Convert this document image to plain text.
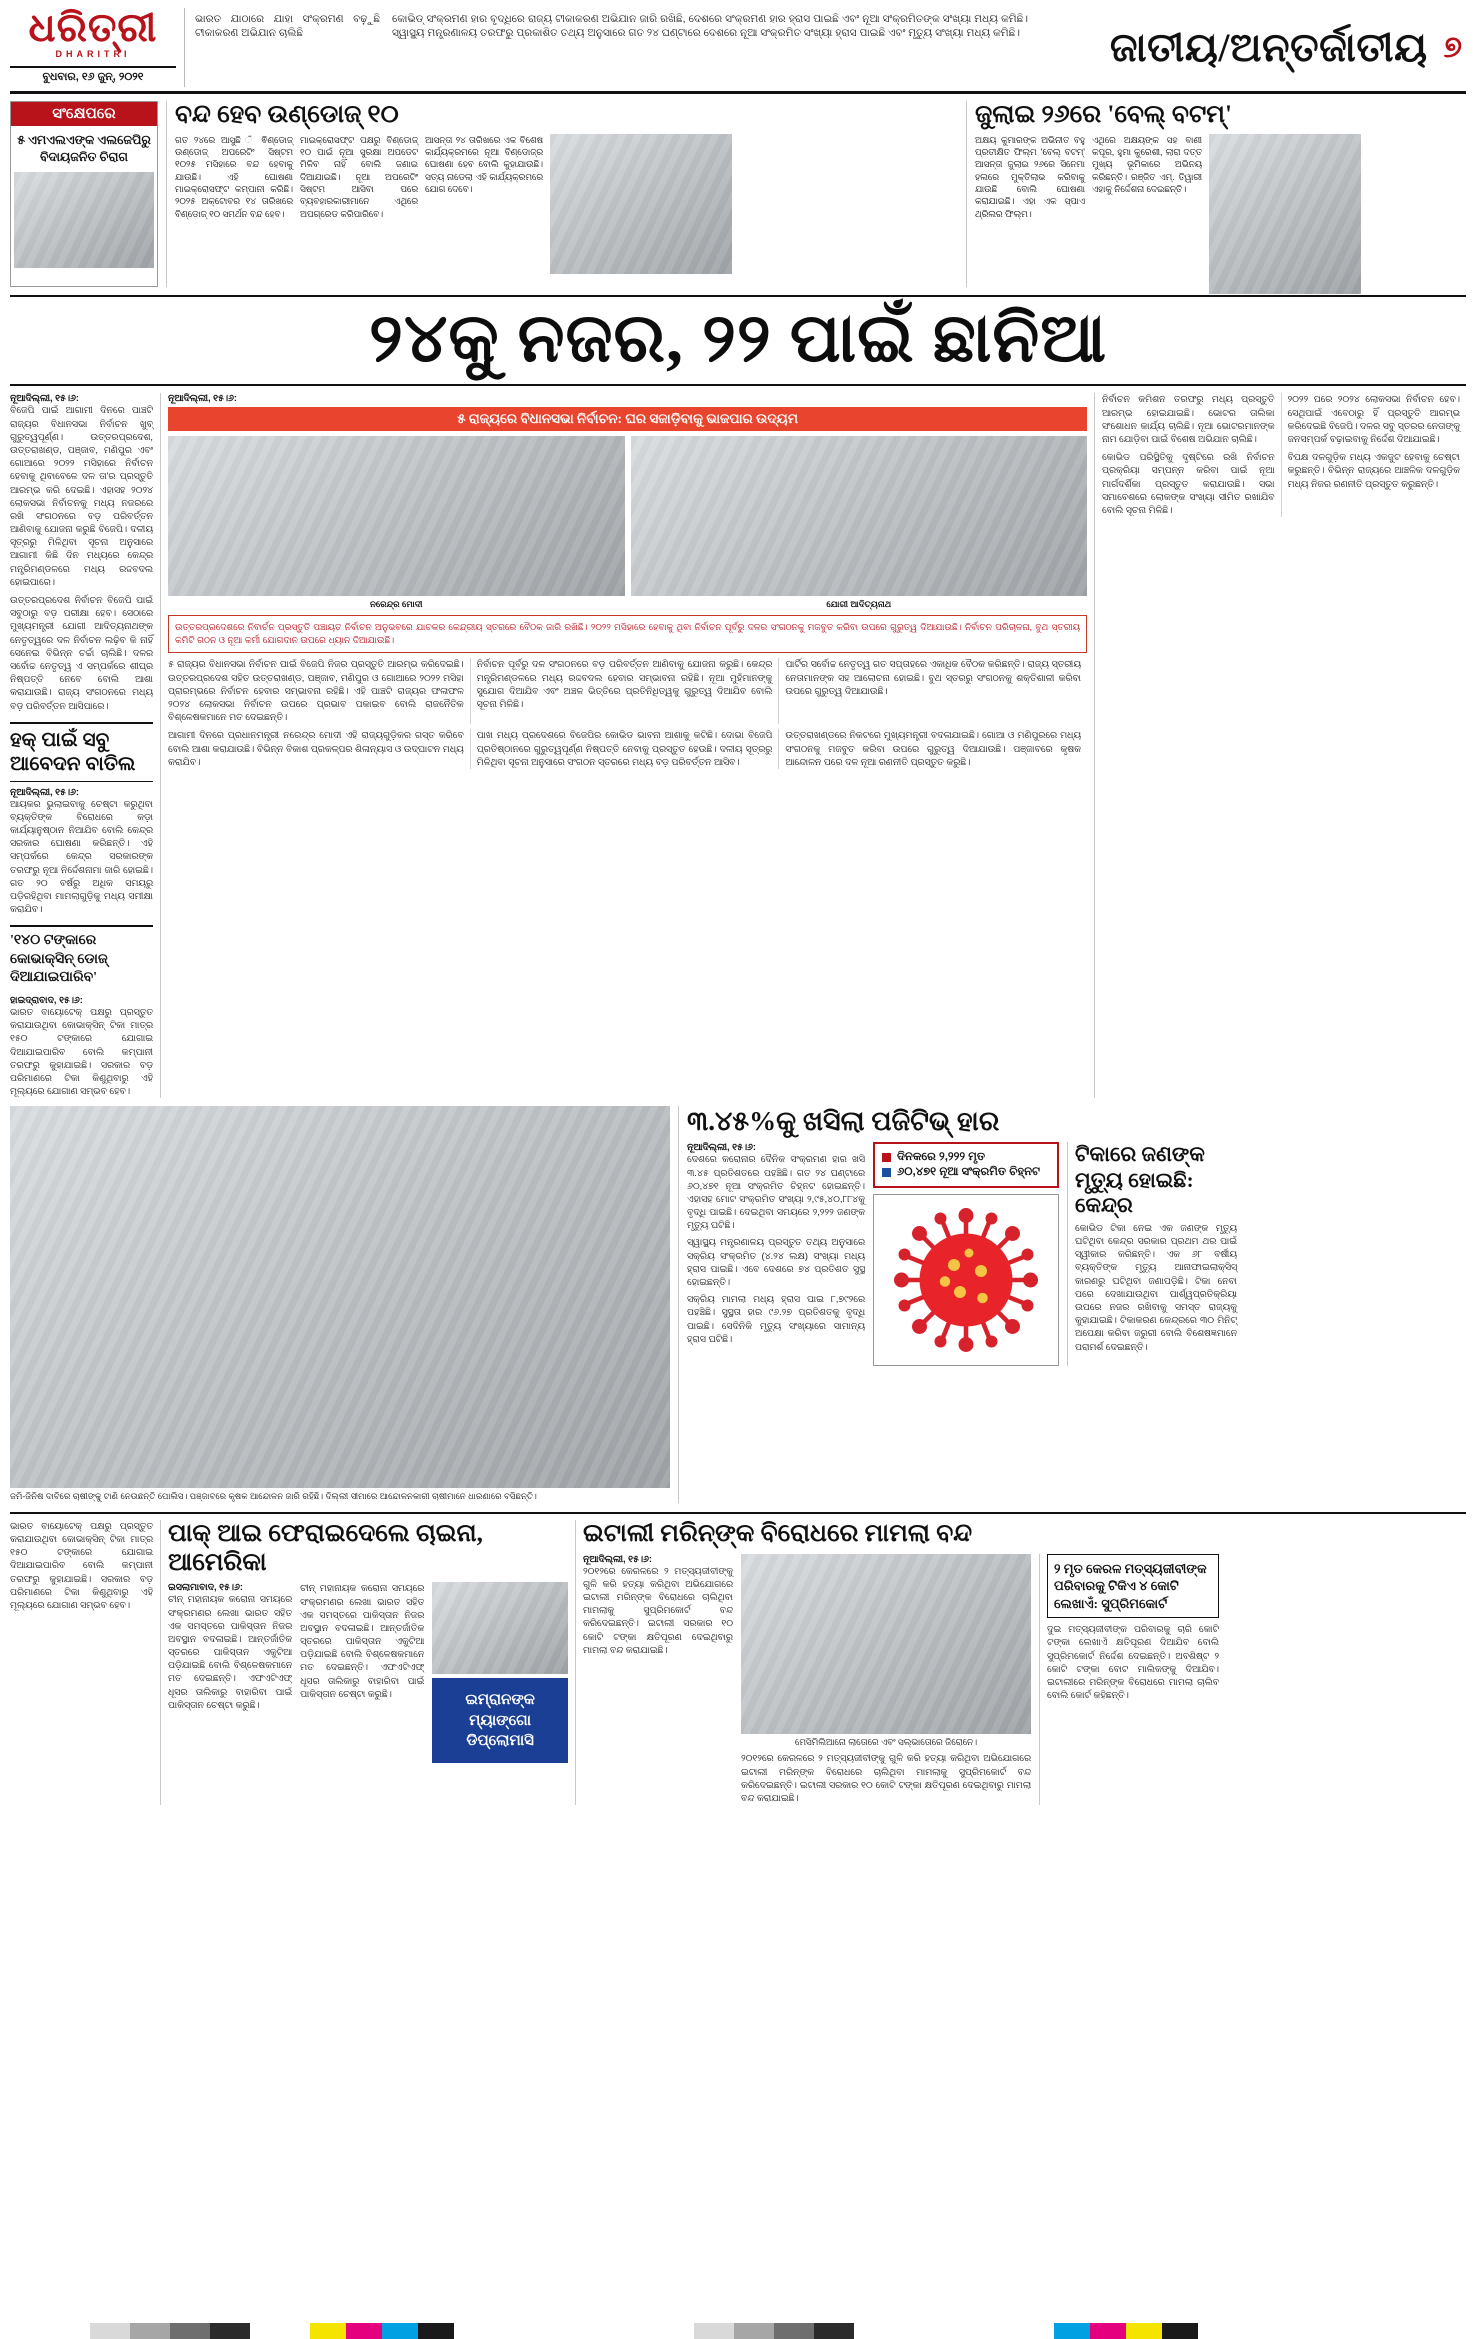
ଧରିତ୍ରୀ
DHARITRI
ବୁଧବାର, ୧୬ ଜୁନ୍‌, ୨୦୨୧
ଭାରତ ଯାଠାରେ ଯାହା ସଂକ୍ରମଣ ବଢ଼ୁଛି ଟୀକାକରଣ ଅଭିଯାନ ଚାଲିଛି
କୋଭିଡ୍‌ ସଂକ୍ରମଣ ହାର ବୃଦ୍ଧିରେ ରାଜ୍ୟ ଟୀକାକରଣ ଅଭିଯାନ ଜାରି ରଖିଛି, ଦେଶରେ ସଂକ୍ରମଣ ହାର ହ୍ରାସ ପାଇଛି ଏବଂ ନୂଆ ସଂକ୍ରମିତଙ୍କ ସଂଖ୍ୟା ମଧ୍ୟ କମିଛି। ସ୍ୱାସ୍ଥ୍ୟ ମନ୍ତ୍ରଣାଳୟ ତରଫରୁ ପ୍ରକାଶିତ ତଥ୍ୟ ଅନୁସାରେ ଗତ ୨୪ ଘଣ୍ଟାରେ ଦେଶରେ ନୂଆ ସଂକ୍ରମିତ ସଂଖ୍ୟା ହ୍ରାସ ପାଇଛି ଏବଂ ମୃତ୍ୟୁ ସଂଖ୍ୟା ମଧ୍ୟ କମିଛି। ଜାତୀୟ/ଅନ୍ତର୍ଜାତୀୟ ୭
ସଂକ୍ଷେପରେ
୫ ଏମଏଲଏଙ୍କ ଏଲଜେପିରୁ ବିଦାୟଜନିତ ଚିରାଗ
ବନ୍ଦ ହେବ ଉଣ୍ଡୋଜ୍‌ ୧୦
ଗତ ୨୪ରେ ଆସୁଛି ଁ ଵିଣ୍ଡୋଜ୍‌ ଉଣ୍ଡୋଜ୍‌ ଅପରେଟିଂ ସିଷ୍ଟମ ୧୦୨୫ ମସିହାରେ ବନ୍ଦ ହେବାକୁ ଯାଉଛି। ଏହି ଘୋଷଣା ମାଇକ୍ରୋସଫ୍ଟ କମ୍ପାନୀ କରିଛି। ୨୦୨୫ ଅକ୍ଟୋବର ୧୪ ତାରିଖରେ ବିଣ୍ଡୋଜ୍‌ ୧୦ ସମର୍ଥନ ବନ୍ଦ ହେବ।
ମାଇକ୍ରୋସଫ୍ଟ ପକ୍ଷରୁ ବିଣ୍ଡୋଜ୍‌ ୧୦ ପାଇଁ ନୂଆ ସୁରକ୍ଷା ଅପଡେଟ ମିଳିବ ନାହିଁ ବୋଲି ଜଣାଇ ଦିଆଯାଇଛି। ନୂଆ ଅପରେଟିଂ ସିଷ୍ଟମ ଆସିବା ପରେ ବ୍ୟବହାରକାରୀମାନେ ଏଥିରେ ଅପଗ୍ରେଡ କରିପାରିବେ।
ଆସନ୍ତା ୨୪ ତାରିଖରେ ଏକ ବିଶେଷ କାର୍ଯ୍ୟକ୍ରମରେ ନୂଆ ବିଣ୍ଡୋଜ୍‌ର ଘୋଷଣା ହେବ ବୋଲି କୁହାଯାଉଛି। ସତ୍ୟ ନାଡେଲା ଏହି କାର୍ଯ୍ୟକ୍ରମରେ ଯୋଗ ଦେବେ।
ଜୁଲାଇ ୨୬ରେ 'ବେଲ୍‌ ବଟମ୍‌'
ଅକ୍ଷୟ କୁମାରଙ୍କ ଅଭିନୀତ ବହୁ ପ୍ରତୀକ୍ଷିତ ଫିଲ୍ମ 'ବେଲ୍‌ ବଟମ୍‌' ଆସନ୍ତା ଜୁଲାଇ ୨୬ରେ ସିନେମା ହଲରେ ମୁକ୍ତିଲାଭ କରିବାକୁ ଯାଉଛି ବୋଲି ଘୋଷଣା କରାଯାଇଛି। ଏହା ଏକ ସ୍ପାଏ ଥ୍ରିଲର ଫିଲ୍ମ।
ଏଥିରେ ଅକ୍ଷୟଙ୍କ ସହ ବାଣୀ କପୂର, ହୁମା କୁରେଶୀ, ଲାରା ଦତ୍ତ ମୁଖ୍ୟ ଭୂମିକାରେ ଅଭିନୟ କରିଛନ୍ତି। ରଞ୍ଜିତ ଏମ୍‌. ତିୱାରୀ ଏହାକୁ ନିର୍ଦ୍ଦେଶନା ଦେଇଛନ୍ତି।
୨୪କୁ ନଜର, ୨୨ ପାଇଁ ଛାନିଆ
ନୂଆଦିଲ୍ଲୀ, ୧୫।୬:
ବିଜେପି ପାଇଁ ଆଗାମୀ ଦିନରେ ପାଞ୍ଚଟି ରାଜ୍ୟର ବିଧାନସଭା ନିର୍ବାଚନ ଖୁବ୍‌ ଗୁରୁତ୍ୱପୂର୍ଣ୍ଣ। ଉତ୍ତରପ୍ରଦେଶ, ଉତ୍ତରାଖଣ୍ଡ, ପଞ୍ଜାବ, ମଣିପୁର ଏବଂ ଗୋଆରେ ୨୦୨୨ ମସିହାରେ ନିର୍ବାଚନ ହେବାକୁ ଥିବାବେଳେ ଦଳ ତା'ର ପ୍ରସ୍ତୁତି ଆରମ୍ଭ କରି ଦେଇଛି। ଏହାସହ ୨୦୨୪ ଲୋକସଭା ନିର୍ବାଚନକୁ ମଧ୍ୟ ନଜରରେ ରଖି ସଂଗଠନରେ ବଡ଼ ପରିବର୍ତ୍ତନ ଆଣିବାକୁ ଯୋଜନା କରୁଛି ବିଜେପି। ଦଳୀୟ ସୂତ୍ରରୁ ମିଳିଥିବା ସୂଚନା ଅନୁସାରେ ଆଗାମୀ କିଛି ଦିନ ମଧ୍ୟରେ କେନ୍ଦ୍ର ମନ୍ତ୍ରିମଣ୍ଡଳରେ ମଧ୍ୟ ରଦ୍ଦବଦଲ ହୋଇପାରେ।
ଉତ୍ତରପ୍ରଦେଶ ନିର୍ବାଚନ ବିଜେପି ପାଇଁ ସବୁଠାରୁ ବଡ଼ ପରୀକ୍ଷା ହେବ। ସେଠାରେ ମୁଖ୍ୟମନ୍ତ୍ରୀ ଯୋଗୀ ଆଦିତ୍ୟନାଥଙ୍କ ନେତୃତ୍ୱରେ ଦଳ ନିର୍ବାଚନ ଲଢ଼ିବ କି ନାହିଁ ସେନେଇ ବିଭିନ୍ନ ଚର୍ଚ୍ଚା ଚାଲିଛି। ଦଳର ସର୍ବୋଚ୍ଚ ନେତୃତ୍ୱ ଏ ସମ୍ପର୍କରେ ଶୀଘ୍ର ନିଷ୍ପତ୍ତି ନେବେ ବୋଲି ଆଶା କରାଯାଉଛି। ରାଜ୍ୟ ସଂଗଠନରେ ମଧ୍ୟ ବଡ଼ ପରିବର୍ତ୍ତନ ଆସିପାରେ।
ହକ୍‌ ପାଇଁ ସବୁ ଆବେଦନ ବାତିଲ
ନୂଆଦିଲ୍ଲୀ, ୧୫।୬:
ଆୟକର ଭୁଲାଇବାକୁ ଚେଷ୍ଟା କରୁଥିବା ବ୍ୟକ୍ତିଙ୍କ ବିରୋଧରେ କଡ଼ା କାର୍ଯ୍ୟାନୁଷ୍ଠାନ ନିଆଯିବ ବୋଲି କେନ୍ଦ୍ର ସରକାର ଘୋଷଣା କରିଛନ୍ତି। ଏହି ସମ୍ପର୍କରେ କେନ୍ଦ୍ର ସରକାରଙ୍କ ତରଫରୁ ନୂଆ ନିର୍ଦ୍ଦେଶନାମା ଜାରି ହୋଇଛି। ଗତ ୨୦ ବର୍ଷରୁ ଅଧିକ ସମୟରୁ ପଡ଼ିରହିଥିବା ମାମଲାଗୁଡ଼ିକୁ ମଧ୍ୟ ସମୀକ୍ଷା କରାଯିବ।
'୧୪୦ ଟଙ୍କାରେ କୋଭାକ୍ସିନ୍‌ ଡୋଜ୍‌ ଦିଆଯାଇପାରିବ'
ହାଇଦ୍ରାବାଦ, ୧୫।୬:
ଭାରତ ବାୟୋଟେକ୍‌ ପକ୍ଷରୁ ପ୍ରସ୍ତୁତ କରାଯାଉଥିବା କୋଭାକ୍ସିନ୍‌ ଟିକା ମାତ୍ର ୧୫୦ ଟଙ୍କାରେ ଯୋଗାଇ ଦିଆଯାଇପାରିବ ବୋଲି କମ୍ପାନୀ ତରଫରୁ କୁହାଯାଇଛି। ସରକାର ବଡ଼ ପରିମାଣରେ ଟିକା କିଣୁଥିବାରୁ ଏହି ମୂଲ୍ୟରେ ଯୋଗାଣ ସମ୍ଭବ ହେବ।
ନୂଆଦିଲ୍ଲୀ, ୧୫।୬:
୫ ରାଜ୍ୟରେ ବିଧାନସଭା ନିର୍ବାଚନ: ଘର ସଜାଡ଼ିବାକୁ ଭାଜପାର ଉଦ୍ୟମ
ନରେନ୍ଦ୍ର ମୋଦୀ	ଯୋଗୀ ଆଦିତ୍ୟନାଥ
ଉତ୍ତରପ୍ରଦେଶରେ ନିବାର୍ଚନ ପ୍ରସ୍ତୁତି ପଞ୍ଚାୟତ ନିର୍ବାଚନ ଅନୁଭବରେ ଯାଚକର କେନ୍ଦ୍ରୀୟ ସ୍ତରରେ ବୈଠକ ଜାରି ରଖିଛି। ୨୦୨୨ ମସିହାରେ ହେବାକୁ ଥିବା ନିର୍ବାଚନ ପୂର୍ବରୁ ଦଳର ସଂଗଠନକୁ ମଜବୁତ କରିବା ଉପରେ ଗୁରୁତ୍ୱ ଦିଆଯାଉଛି। ନିର୍ବାଚନ ପରିଚାଳନା, ବୁଥ ସ୍ତରୀୟ କମିଟି ଗଠନ ଓ ନୂଆ କର୍ମୀ ଯୋଗଦାନ ଉପରେ ଧ୍ୟାନ ଦିଆଯାଉଛି।
୫ ରାଜ୍ୟର ବିଧାନସଭା ନିର୍ବାଚନ ପାଇଁ ବିଜେପି ନିଜର ପ୍ରସ୍ତୁତି ଆରମ୍ଭ କରିଦେଇଛି। ଉତ୍ତରପ୍ରଦେଶ ସହିତ ଉତ୍ତରାଖଣ୍ଡ, ପଞ୍ଜାବ, ମଣିପୁର ଓ ଗୋଆରେ ୨୦୨୨ ମସିହା ପ୍ରାରମ୍ଭରେ ନିର୍ବାଚନ ହେବାର ସମ୍ଭାବନା ରହିଛି। ଏହି ପାଞ୍ଚଟି ରାଜ୍ୟର ଫଳାଫଳ ୨୦୨୪ ଲୋକସଭା ନିର୍ବାଚନ ଉପରେ ପ୍ରଭାବ ପକାଇବ ବୋଲି ରାଜନୈତିକ ବିଶ୍ଳେଷକମାନେ ମତ ଦେଇଛନ୍ତି।
ନିର୍ବାଚନ ପୂର୍ବରୁ ଦଳ ସଂଗଠନରେ ବଡ଼ ପରିବର୍ତ୍ତନ ଆଣିବାକୁ ଯୋଜନା କରୁଛି। କେନ୍ଦ୍ର ମନ୍ତ୍ରିମଣ୍ଡଳରେ ମଧ୍ୟ ରଦ୍ଦବଦଲ ହେବାର ସମ୍ଭାବନା ରହିଛି। ନୂଆ ମୁହଁମାନଙ୍କୁ ସୁଯୋଗ ଦିଆଯିବ ଏବଂ ଅଞ୍ଚଳ ଭିତ୍ତିରେ ପ୍ରତିନିଧିତ୍ୱକୁ ଗୁରୁତ୍ୱ ଦିଆଯିବ ବୋଲି ସୂଚନା ମିଳିଛି।
ପାର୍ଟିର ସର୍ବୋଚ୍ଚ ନେତୃତ୍ୱ ଗତ ସପ୍ତାହରେ ଏକାଧିକ ବୈଠକ କରିଛନ୍ତି। ରାଜ୍ୟ ସ୍ତରୀୟ ନେତାମାନଙ୍କ ସହ ଆଲୋଚନା ହୋଇଛି। ବୁଥ ସ୍ତରରୁ ସଂଗଠନକୁ ଶକ୍ତିଶାଳୀ କରିବା ଉପରେ ଗୁରୁତ୍ୱ ଦିଆଯାଉଛି।
ଆଗାମୀ ଦିନରେ ପ୍ରଧାନମନ୍ତ୍ରୀ ନରେନ୍ଦ୍ର ମୋଦୀ ଏହି ରାଜ୍ୟଗୁଡ଼ିକର ଗସ୍ତ କରିବେ ବୋଲି ଆଶା କରାଯାଉଛି। ବିଭିନ୍ନ ବିକାଶ ପ୍ରକଳ୍ପର ଶିଳାନ୍ୟାସ ଓ ଉଦ୍‌ଘାଟନ ମଧ୍ୟ କରାଯିବ।
ପାଖ ମଧ୍ୟ ପ୍ରଦେଶରେ ବିଜେପିର କୋଭିଡ ଭାବନା ଆଶାକୁ କଟିଛି। ଦୋଭା ବିଜେପି ପ୍ରତିଷ୍ଠାନରେ ଗୁରୁତ୍ୱପୂର୍ଣ୍ଣ ନିଷ୍ପତ୍ତି ନେବାକୁ ପ୍ରସ୍ତୁତ ହେଉଛି। ଦଳୀୟ ସୂତ୍ରରୁ ମିଳିଥିବା ସୂଚନା ଅନୁସାରେ ସଂଗଠନ ସ୍ତରରେ ମଧ୍ୟ ବଡ଼ ପରିବର୍ତ୍ତନ ଆସିବ।
ଉତ୍ତରାଖଣ୍ଡରେ ନିକଟରେ ମୁଖ୍ୟମନ୍ତ୍ରୀ ବଦଳାଯାଇଛି। ଗୋଆ ଓ ମଣିପୁରରେ ମଧ୍ୟ ସଂଗଠନକୁ ମଜବୁତ କରିବା ଉପରେ ଗୁରୁତ୍ୱ ଦିଆଯାଉଛି। ପଞ୍ଜାବରେ କୃଷକ ଆନ୍ଦୋଳନ ପରେ ଦଳ ନୂଆ ରଣନୀତି ପ୍ରସ୍ତୁତ କରୁଛି।
ନିର୍ବାଚନ କମିଶନ ତରଫରୁ ମଧ୍ୟ ପ୍ରସ୍ତୁତି ଆରମ୍ଭ ହୋଇଯାଇଛି। ଭୋଟର ତାଲିକା ସଂଶୋଧନ କାର୍ଯ୍ୟ ଚାଲିଛି। ନୂଆ ଭୋଟରମାନଙ୍କ ନାମ ଯୋଡ଼ିବା ପାଇଁ ବିଶେଷ ଅଭିଯାନ ଚାଲିଛି।
କୋଭିଡ ପରିସ୍ଥିତିକୁ ଦୃଷ୍ଟିରେ ରଖି ନିର୍ବାଚନ ପ୍ରକ୍ରିୟା ସମ୍ପନ୍ନ କରିବା ପାଇଁ ନୂଆ ମାର୍ଗଦର୍ଶିକା ପ୍ରସ୍ତୁତ କରାଯାଉଛି। ସଭା ସମାବେଶରେ ଲୋକଙ୍କ ସଂଖ୍ୟା ସୀମିତ ରଖାଯିବ ବୋଲି ସୂଚନା ମିଳିଛି।
୨୦୨୨ ପରେ ୨୦୨୪ ଲୋକସଭା ନିର୍ବାଚନ ହେବ। ସେଥିପାଇଁ ଏବେଠାରୁ ହିଁ ପ୍ରସ୍ତୁତି ଆରମ୍ଭ କରିଦେଇଛି ବିଜେପି। ଦଳର ସବୁ ସ୍ତରର ନେତାଙ୍କୁ ଜନସମ୍ପର୍କ ବଢ଼ାଇବାକୁ ନିର୍ଦ୍ଦେଶ ଦିଆଯାଇଛି।
ବିପକ୍ଷ ଦଳଗୁଡ଼ିକ ମଧ୍ୟ ଏକଜୁଟ ହେବାକୁ ଚେଷ୍ଟା କରୁଛନ୍ତି। ବିଭିନ୍ନ ରାଜ୍ୟରେ ଆଞ୍ଚଳିକ ଦଳଗୁଡ଼ିକ ମଧ୍ୟ ନିଜର ରଣନୀତି ପ୍ରସ୍ତୁତ କରୁଛନ୍ତି।
ଜମି-ଜିନିଷ ଦାବିରେ ଚାଷୀଙ୍କୁ ଟାଣି ନେଉଛନ୍ତି ପୋଲିସ। ପଞ୍ଜାବରେ କୃଷକ ଆନ୍ଦୋଳନ ଜାରି ରହିଛି। ଦିଲ୍ଲୀ ସୀମାରେ ଆନ୍ଦୋଳନକାରୀ ଚାଷୀମାନେ ଧାରଣାରେ ବସିଛନ୍ତି।
୩.୪୫%କୁ ଖସିଲା ପଜିଟିଭ୍‌ ହାର
ନୂଆଦିଲ୍ଲୀ, ୧୫।୬:
ଦେଶରେ କରୋନାର ଦୈନିକ ସଂକ୍ରମଣ ହାର ଖସି ୩.୪୫ ପ୍ରତିଶତରେ ପହଞ୍ଚିଛି। ଗତ ୨୪ ଘଣ୍ଟାରେ ୬୦,୪୭୧ ନୂଆ ସଂକ୍ରମିତ ଚିହ୍ନଟ ହୋଇଛନ୍ତି। ଏହାସହ ମୋଟ ସଂକ୍ରମିତ ସଂଖ୍ୟା ୨,୯୫,୪୦,୮୮୪କୁ ବୃଦ୍ଧି ପାଇଛି। ଦେଇଥିବା ସମୟରେ ୨,୨୨୨ ଜଣଙ୍କ ମୃତ୍ୟୁ ଘଟିଛି।
ସ୍ୱାସ୍ଥ୍ୟ ମନ୍ତ୍ରଣାଳୟ ପ୍ରସ୍ତୁତ ତଥ୍ୟ ଅନୁସାରେ ସକ୍ରିୟ ସଂକ୍ରମିତ (୪.୨୪ ଲକ୍ଷ) ସଂଖ୍ୟା ମଧ୍ୟ ହ୍ରାସ ପାଇଛି। ଏବେ ଦେଶରେ ୭୪ ପ୍ରତିଶତ ସୁସ୍ଥ ହୋଇଛନ୍ତି।
ସକ୍ରିୟ ମାମଲା ମଧ୍ୟ ହ୍ରାସ ପାଇ ୮,୭୯୨ରେ ପହଞ୍ଚିଛି। ସୁସ୍ଥତା ହାର ୯୬.୨୭ ପ୍ରତିଶତକୁ ବୃଦ୍ଧି ପାଇଛି। ସେଦିନିକି ମୃତ୍ୟୁ ସଂଖ୍ୟାରେ ସାମାନ୍ୟ ହ୍ରାସ ଘଟିଛି।
ଦିନକରେ ୨,୨୨୨ ମୃତ
୬୦,୪୭୧ ନୂଆ ସଂକ୍ରମିତ ଚିହ୍ନଟ
ଟିକାରେ ଜଣଙ୍କ ମୃତ୍ୟୁ ହୋଇଛି: କେନ୍ଦ୍ର
କୋଭିଡ ଟିକା ନେଇ ଏକ ଜଣଙ୍କ ମୃତ୍ୟୁ ଘଟିଥିବା କେନ୍ଦ୍ର ସରକାର ପ୍ରଥମ ଥର ପାଇଁ ସ୍ୱୀକାର କରିଛନ୍ତି। ଏକ ୬୮ ବର୍ଷୀୟ ବ୍ୟକ୍ତିଙ୍କ ମୃତ୍ୟୁ ଆନାଫାଇଲାକ୍ସିସ୍‌ କାରଣରୁ ଘଟିଥିବା ଜଣାପଡ଼ିଛି। ଟିକା ନେବା ପରେ ଦେଖାଯାଉଥିବା ପାର୍ଶ୍ୱପ୍ରତିକ୍ରିୟା ଉପରେ ନଜର ରଖିବାକୁ ସମସ୍ତ ରାଜ୍ୟକୁ କୁହାଯାଇଛି। ଟିକାକରଣ କେନ୍ଦ୍ରରେ ୩୦ ମିନିଟ୍‌ ଅପେକ୍ଷା କରିବା ଜରୁରୀ ବୋଲି ବିଶେଷଜ୍ଞମାନେ ପରାମର୍ଶ ଦେଇଛନ୍ତି।
ଭାରତ ବାୟୋଟେକ୍‌ ପକ୍ଷରୁ ପ୍ରସ୍ତୁତ କରାଯାଉଥିବା କୋଭାକ୍ସିନ୍‌ ଟିକା ମାତ୍ର ୧୫୦ ଟଙ୍କାରେ ଯୋଗାଇ ଦିଆଯାଇପାରିବ ବୋଲି କମ୍ପାନୀ ତରଫରୁ କୁହାଯାଇଛି। ସରକାର ବଡ଼ ପରିମାଣରେ ଟିକା କିଣୁଥିବାରୁ ଏହି ମୂଲ୍ୟରେ ଯୋଗାଣ ସମ୍ଭବ ହେବ।
ପାକ୍‌ ଆଇ ଫେରାଇଦେଲେ ଚାଇନା, ଆମେରିକା
ଇସଲାମାବାଦ, ୧୫।୬:
ଚୀନ୍‌ ମହାନାୟକ କରୋନା ସମୟରେ ସଂକ୍ରମଣର ଲେଖା ଭାରତ ସହିତ ଏକ ସମସ୍ତରେ ପାକିସ୍ତାନ ନିଜର ଅବସ୍ଥାନ ବଦଳାଇଛି। ଆନ୍ତର୍ଜାତିକ ସ୍ତରରେ ପାକିସ୍ତାନ ଏକୁଟିଆ ପଡ଼ିଯାଇଛି ବୋଲି ବିଶ୍ଳେଷକମାନେ ମତ ଦେଇଛନ୍ତି। ଏଫଏଟିଏଫ୍‌ ଧୂସର ତାଲିକାରୁ ବାହାରିବା ପାଇଁ ପାକିସ୍ତାନ ଚେଷ୍ଟା କରୁଛି।
ଚୀନ୍‌ ମହାନାୟକ କରୋନା ସମୟରେ ସଂକ୍ରମଣର ଲେଖା ଭାରତ ସହିତ ଏକ ସମସ୍ତରେ ପାକିସ୍ତାନ ନିଜର ଅବସ୍ଥାନ ବଦଳାଇଛି। ଆନ୍ତର୍ଜାତିକ ସ୍ତରରେ ପାକିସ୍ତାନ ଏକୁଟିଆ ପଡ଼ିଯାଇଛି ବୋଲି ବିଶ୍ଳେଷକମାନେ ମତ ଦେଇଛନ୍ତି। ଏଫଏଟିଏଫ୍‌ ଧୂସର ତାଲିକାରୁ ବାହାରିବା ପାଇଁ ପାକିସ୍ତାନ ଚେଷ୍ଟା କରୁଛି।	ଇମ୍ରାନଙ୍କ ମ୍ୟାଙ୍ଗୋ ଡିପ୍ଲୋମାସି
ଇଟାଲୀ ମରିନ୍‌ଙ୍କ ବିରୋଧରେ ମାମଲା ବନ୍ଦ
ନୂଆଦିଲ୍ଲୀ, ୧୫।୬:
୨୦୧୨ରେ କେରଳରେ ୨ ମତ୍ସ୍ୟଜୀବୀଙ୍କୁ ଗୁଳି କରି ହତ୍ୟା କରିଥିବା ଅଭିଯୋଗରେ ଇଟାଲୀ ମରିନ୍‌ଙ୍କ ବିରୋଧରେ ଚାଲିଥିବା ମାମଲାକୁ ସୁପ୍ରିମକୋର୍ଟ ବନ୍ଦ କରିଦେଇଛନ୍ତି। ଇଟାଲୀ ସରକାର ୧୦ କୋଟି ଟଙ୍କା କ୍ଷତିପୂରଣ ଦେଇଥିବାରୁ ମାମଲା ବନ୍ଦ କରାଯାଇଛି।
ମେସିମିଲିଆନୋ ଲାତୋରେ ଏବଂ ସଲ୍‌ଭାତୋରେ ଜିରୋନେ।
୨୦୧୨ରେ କେରଳରେ ୨ ମତ୍ସ୍ୟଜୀବୀଙ୍କୁ ଗୁଳି କରି ହତ୍ୟା କରିଥିବା ଅଭିଯୋଗରେ ଇଟାଲୀ ମରିନ୍‌ଙ୍କ ବିରୋଧରେ ଚାଲିଥିବା ମାମଲାକୁ ସୁପ୍ରିମକୋର୍ଟ ବନ୍ଦ କରିଦେଇଛନ୍ତି। ଇଟାଲୀ ସରକାର ୧୦ କୋଟି ଟଙ୍କା କ୍ଷତିପୂରଣ ଦେଇଥିବାରୁ ମାମଲା ବନ୍ଦ କରାଯାଇଛି।
୨ ମୃତ କେରଳ ମତ୍ସ୍ୟଜୀବୀଙ୍କ ପରିବାରକୁ ଟିକିଏ ୪ କୋଟି ଲେଖାଏଁ: ସୁପ୍ରିମକୋର୍ଟ
ଦୁଇ ମତ୍ସ୍ୟଜୀବୀଙ୍କ ପରିବାରକୁ ଚାରି କୋଟି ଟଙ୍କା ଲେଖାଏଁ କ୍ଷତିପୂରଣ ଦିଆଯିବ ବୋଲି ସୁପ୍ରିମକୋର୍ଟ ନିର୍ଦ୍ଦେଶ ଦେଇଛନ୍ତି। ଅବଶିଷ୍ଟ ୨ କୋଟି ଟଙ୍କା ବୋଟ ମାଲିକଙ୍କୁ ଦିଆଯିବ। ଇଟାଲୀରେ ମରିନ୍‌ଙ୍କ ବିରୋଧରେ ମାମଲା ଚାଲିବ ବୋଲି କୋର୍ଟ କହିଛନ୍ତି।
